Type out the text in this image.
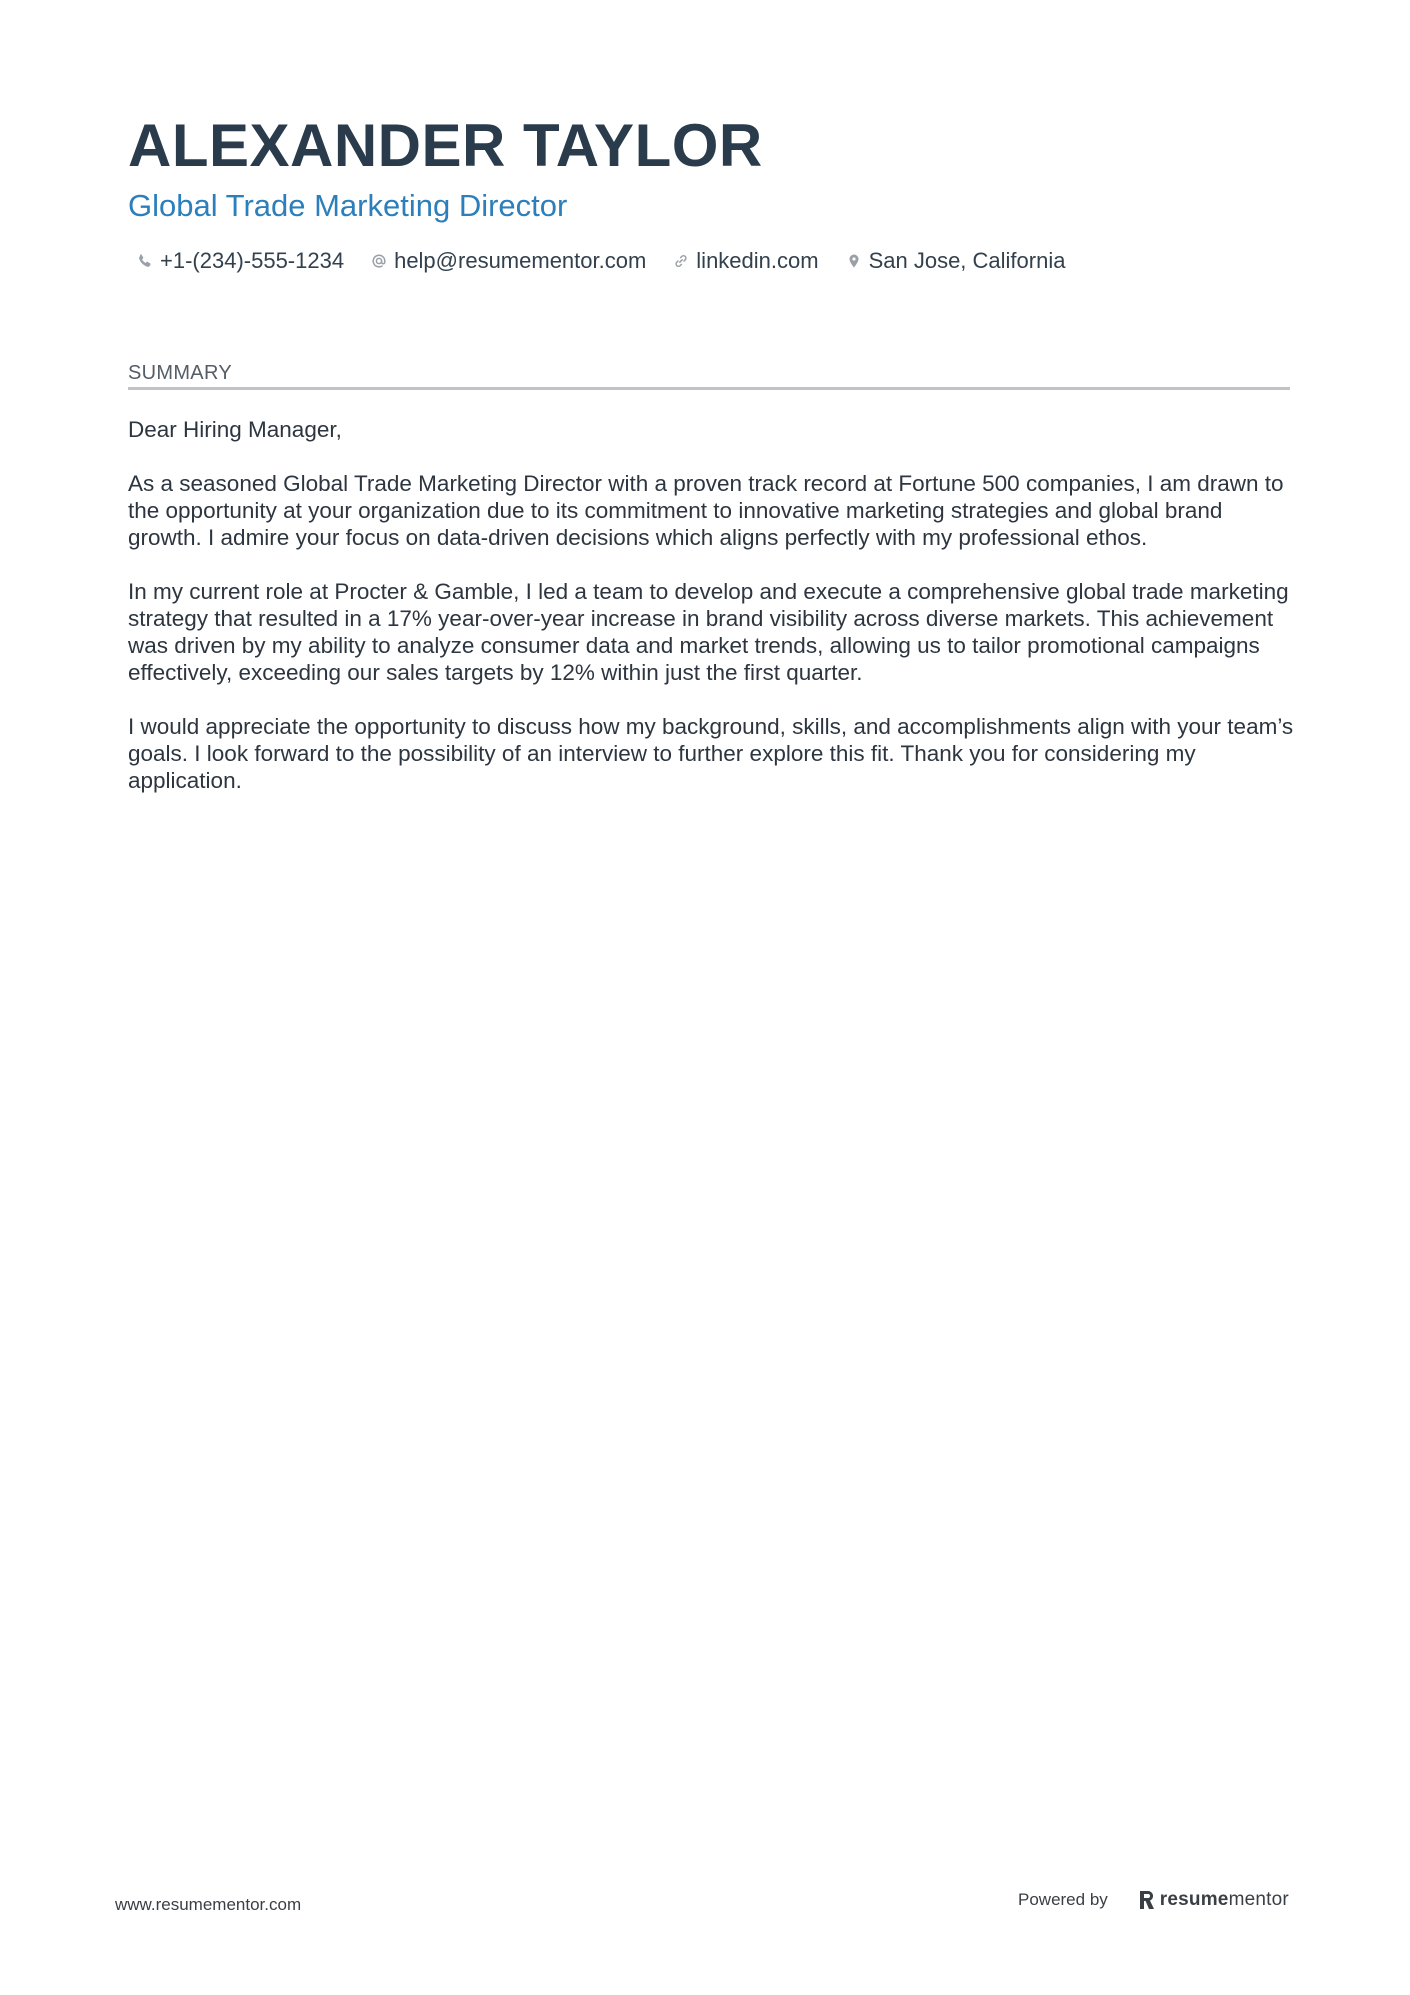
ALEXANDER TAYLOR
Global Trade Marketing Director
+1-(234)-555-1234 help@resumementor.com linkedin.com San Jose, California
SUMMARY

Dear Hiring Manager,

As a seasoned Global Trade Marketing Director with a proven track record at Fortune 500 companies, I am drawn to the opportunity at your organization due to its commitment to innovative marketing strategies and global brand growth. I admire your focus on data-driven decisions which aligns perfectly with my professional ethos.

In my current role at Procter & Gamble, I led a team to develop and execute a comprehensive global trade marketing strategy that resulted in a 17% year-over-year increase in brand visibility across diverse markets. This achievement was driven by my ability to analyze consumer data and market trends, allowing us to tailor promotional campaigns effectively, exceeding our sales targets by 12% within just the first quarter.

I would appreciate the opportunity to discuss how my background, skills, and accomplishments align with your team’s goals. I look forward to the possibility of an interview to further explore this fit. Thank you for considering my application.

www.resumementor.com	Powered by	resumementor
